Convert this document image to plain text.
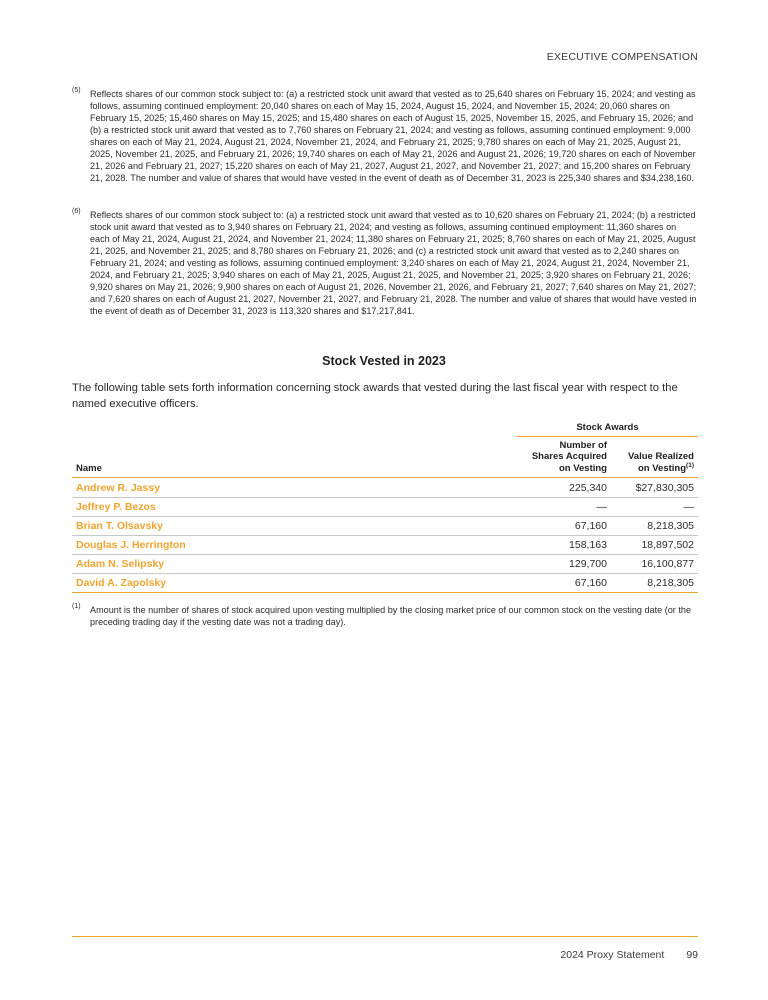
EXECUTIVE COMPENSATION
(5) Reflects shares of our common stock subject to: (a) a restricted stock unit award that vested as to 25,640 shares on February 15, 2024; and vesting as follows, assuming continued employment: 20,040 shares on each of May 15, 2024, August 15, 2024, and November 15, 2024; 20,060 shares on February 15, 2025; 15,460 shares on May 15, 2025; and 15,480 shares on each of August 15, 2025, November 15, 2025, and February 15, 2026; and (b) a restricted stock unit award that vested as to 7,760 shares on February 21, 2024; and vesting as follows, assuming continued employment: 9,000 shares on each of May 21, 2024, August 21, 2024, November 21, 2024, and February 21, 2025; 9,780 shares on each of May 21, 2025, August 21, 2025, November 21, 2025, and February 21, 2026; 19,740 shares on each of May 21, 2026 and August 21, 2026; 19,720 shares on each of November 21, 2026 and February 21, 2027; 15,220 shares on each of May 21, 2027, August 21, 2027, and November 21, 2027; and 15,200 shares on February 21, 2028. The number and value of shares that would have vested in the event of death as of December 31, 2023 is 225,340 shares and $34,238,160.
(6) Reflects shares of our common stock subject to: (a) a restricted stock unit award that vested as to 10,620 shares on February 21, 2024; (b) a restricted stock unit award that vested as to 3,940 shares on February 21, 2024; and vesting as follows, assuming continued employment: 11,360 shares on each of May 21, 2024, August 21, 2024, and November 21, 2024; 11,380 shares on February 21, 2025; 8,760 shares on each of May 21, 2025, August 21, 2025, and November 21, 2025; and 8,780 shares on February 21, 2026; and (c) a restricted stock unit award that vested as to 2,240 shares on February 21, 2024; and vesting as follows, assuming continued employment: 3,240 shares on each of May 21, 2024, August 21, 2024, November 21, 2024, and February 21, 2025; 3,940 shares on each of May 21, 2025, August 21, 2025, and November 21, 2025; 3,920 shares on February 21, 2026; 9,920 shares on May 21, 2026; 9,900 shares on each of August 21, 2026, November 21, 2026, and February 21, 2027; 7,640 shares on May 21, 2027; and 7,620 shares on each of August 21, 2027, November 21, 2027, and February 21, 2028. The number and value of shares that would have vested in the event of death as of December 31, 2023 is 113,320 shares and $17,217,841.
Stock Vested in 2023
The following table sets forth information concerning stock awards that vested during the last fiscal year with respect to the named executive officers.
Stock Awards
Name
Number of
Shares Acquired
on Vesting
Value Realized
on Vesting$^{(1)}$
Andrew R. Jassy	225,340	$27,830,305
Jeffrey P. Bezos	—	—
Brian T. Olsavsky	67,160	8,218,305
Douglas J. Herrington	158,163	18,897,502
Adam N. Selipsky	129,700	16,100,877
David A. Zapolsky	67,160	8,218,305
(1) Amount is the number of shares of stock acquired upon vesting multiplied by the closing market price of our common stock on the vesting date (or the preceding trading day if the vesting date was not a trading day).
2024 Proxy Statement 99
